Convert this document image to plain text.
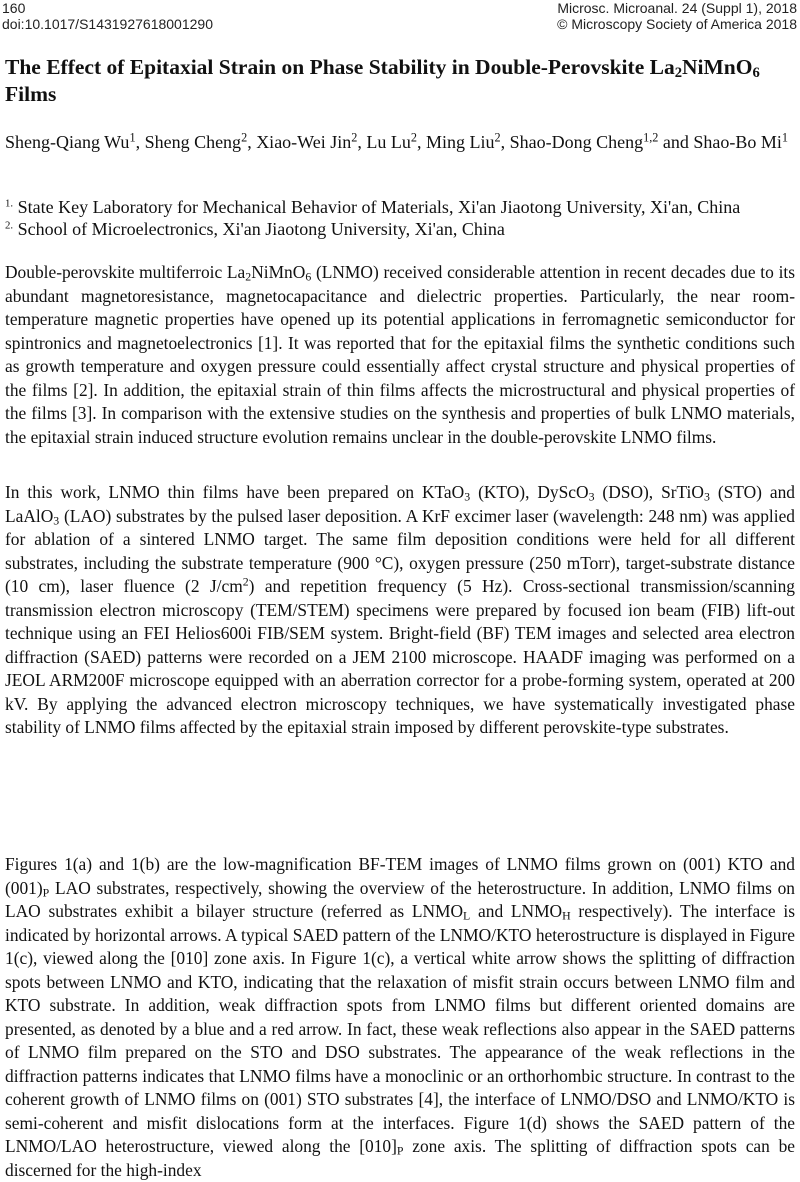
160
doi:10.1017/S1431927618001290
Microsc. Microanal. 24 (Suppl 1), 2018
© Microscopy Society of America 2018
The Effect of Epitaxial Strain on Phase Stability in Double-Perovskite $La_2NiMnO_6$ Films

Sheng-Qiang Wu$^1$, Sheng Cheng$^2$, Xiao-Wei Jin$^2$, Lu Lu$^2$, Ming Liu$^2$, Shao-Dong Cheng$^{1,2}$ and Shao-Bo Mi$^1$

$^{1.}$ State Key Laboratory for Mechanical Behavior of Materials, Xi'an Jiaotong University, Xi'an, China

$^{2.}$ School of Microelectronics, Xi'an Jiaotong University, Xi'an, China

Double-perovskite multiferroic $La_2NiMnO_6$ (LNMO) received considerable attention in recent decades due to its abundant magnetoresistance, magnetocapacitance and dielectric properties. Particularly, the near room-temperature magnetic properties have opened up its potential applications in ferromagnetic semiconductor for spintronics and magnetoelectronics [1]. It was reported that for the epitaxial films the synthetic conditions such as growth temperature and oxygen pressure could essentially affect crystal structure and physical properties of the films [2]. In addition, the epitaxial strain of thin films affects the microstructural and physical properties of the films [3]. In comparison with the extensive studies on the synthesis and properties of bulk LNMO materials, the epitaxial strain induced structure evolution remains unclear in the double-perovskite LNMO films.

In this work, LNMO thin films have been prepared on KTaO$_3$ (KTO), DyScO$_3$ (DSO), SrTiO$_3$ (STO) and LaAlO$_3$ (LAO) substrates by the pulsed laser deposition. A KrF excimer laser (wavelength: 248 nm) was applied for ablation of a sintered LNMO target. The same film deposition conditions were held for all different substrates, including the substrate temperature (900 °C), oxygen pressure (250 mTorr), target-substrate distance (10 cm), laser fluence (2 $J/cm^2$) and repetition frequency (5 Hz). Cross-sectional transmission/scanning transmission electron microscopy (TEM/STEM) specimens were prepared by focused ion beam (FIB) lift-out technique using an FEI Helios600i FIB/SEM system. Bright-field (BF) TEM images and selected area electron diffraction (SAED) patterns were recorded on a JEM 2100 microscope. HAADF imaging was performed on a JEOL ARM200F microscope equipped with an aberration corrector for a probe-forming system, operated at 200 kV. By applying the advanced electron microscopy techniques, we have systematically investigated phase stability of LNMO films affected by the epitaxial strain imposed by different perovskite-type substrates.

Figures 1(a) and 1(b) are the low-magnification BF-TEM images of LNMO films grown on (001) KTO and $(001)_P$ LAO substrates, respectively, showing the overview of the heterostructure. In addition, LNMO films on LAO substrates exhibit a bilayer structure (referred as $LNMO_L$ and $LNMO_H$ respectively). The interface is indicated by horizontal arrows. A typical SAED pattern of the LNMO/KTO heterostructure is displayed in Figure 1(c), viewed along the [010] zone axis. In Figure 1(c), a vertical white arrow shows the splitting of diffraction spots between LNMO and KTO, indicating that the relaxation of misfit strain occurs between LNMO film and KTO substrate. In addition, weak diffraction spots from LNMO films but different oriented domains are presented, as denoted by a blue and a red arrow. In fact, these weak reflections also appear in the SAED patterns of LNMO film prepared on the STO and DSO substrates. The appearance of the weak reflections in the diffraction patterns indicates that LNMO films have a monoclinic or an orthorhombic structure. In contrast to the coherent growth of LNMO films on (001) STO substrates [4], the interface of LNMO/DSO and LNMO/KTO is semi-coherent and misfit dislocations form at the interfaces. Figure 1(d) shows the SAED pattern of the LNMO/LAO heterostructure, viewed along the $[010]_P$ zone axis. The splitting of diffraction spots can be discerned for the high-index
